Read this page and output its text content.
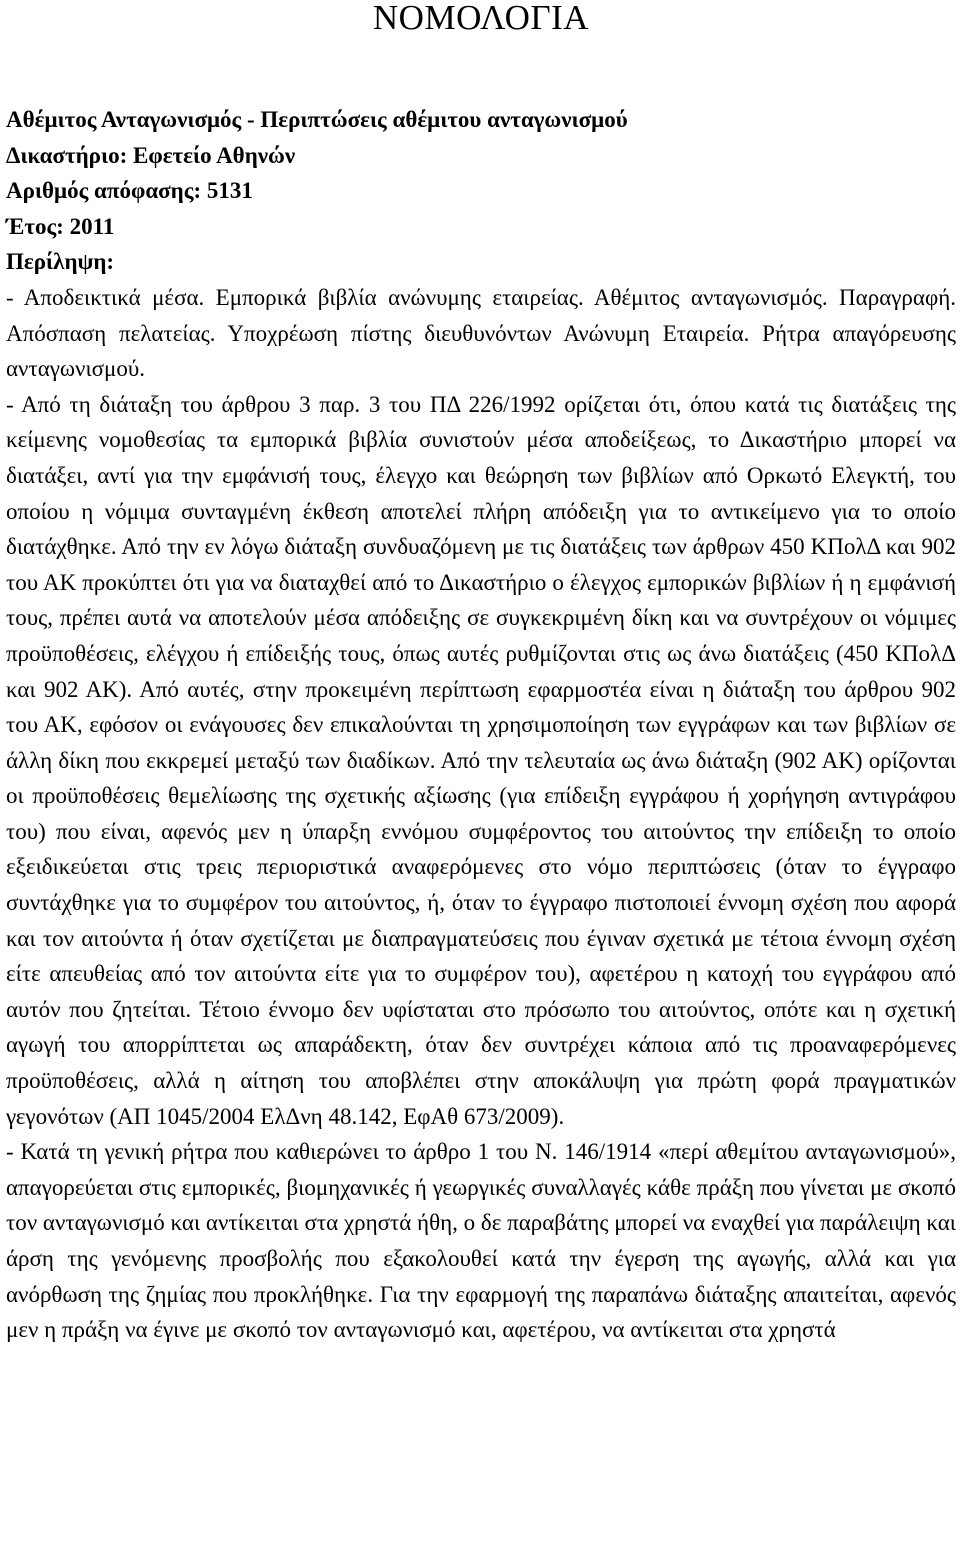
ΝΟΜΟΛΟΓΙΑ
Αθέμιτος Ανταγωνισμός - Περιπτώσεις αθέμιτου ανταγωνισμού
Δικαστήριο: Εφετείο Αθηνών
Αριθμός απόφασης: 5131
Έτος: 2011
Περίληψη:

- Αποδεικτικά μέσα. Εμπορικά βιβλία ανώνυμης εταιρείας. Αθέμιτος ανταγωνισμός. Παραγραφή. Απόσπαση πελατείας. Υποχρέωση πίστης διευθυνόντων Ανώνυμη Εταιρεία. Ρήτρα απαγόρευσης ανταγωνισμού.

- Από τη διάταξη του άρθρου 3 παρ. 3 του ΠΔ 226/1992 ορίζεται ότι, όπου κατά τις διατάξεις της κείμενης νομοθεσίας τα εμπορικά βιβλία συνιστούν μέσα αποδείξεως, το Δικαστήριο μπορεί να διατάξει, αντί για την εμφάνισή τους, έλεγχο και θεώρηση των βιβλίων από Ορκωτό Ελεγκτή, του οποίου η νόμιμα συνταγμένη έκθεση αποτελεί πλήρη απόδειξη για το αντικείμενο για το οποίο διατάχθηκε. Από την εν λόγω διάταξη συνδυαζόμενη με τις διατάξεις των άρθρων 450 ΚΠολΔ και 902 του ΑΚ προκύπτει ότι για να διαταχθεί από το Δικαστήριο ο έλεγχος εμπορικών βιβλίων ή η εμφάνισή τους, πρέπει αυτά να αποτελούν μέσα απόδειξης σε συγκεκριμένη δίκη και να συντρέχουν οι νόμιμες προϋποθέσεις, ελέγχου ή επίδειξής τους, όπως αυτές ρυθμίζονται στις ως άνω διατάξεις (450 ΚΠολΔ και 902 ΑΚ). Από αυτές, στην προκειμένη περίπτωση εφαρμοστέα είναι η διάταξη του άρθρου 902 του ΑΚ, εφόσον οι ενάγουσες δεν επικαλούνται τη χρησιμοποίηση των εγγράφων και των βιβλίων σε άλλη δίκη που εκκρεμεί μεταξύ των διαδίκων. Από την τελευταία ως άνω διάταξη (902 ΑΚ) ορίζονται οι προϋποθέσεις θεμελίωσης της σχετικής αξίωσης (για επίδειξη εγγράφου ή χορήγηση αντιγράφου του) που είναι, αφενός μεν η ύπαρξη εννόμου συμφέροντος του αιτούντος την επίδειξη το οποίο εξειδικεύεται στις τρεις περιοριστικά αναφερόμενες στο νόμο περιπτώσεις (όταν το έγγραφο συντάχθηκε για το συμφέρον του αιτούντος, ή, όταν το έγγραφο πιστοποιεί έννομη σχέση που αφορά και τον αιτούντα ή όταν σχετίζεται με διαπραγματεύσεις που έγιναν σχετικά με τέτοια έννομη σχέση είτε απευθείας από τον αιτούντα είτε για το συμφέρον του), αφετέρου η κατοχή του εγγράφου από αυτόν που ζητείται. Τέτοιο έννομο δεν υφίσταται στο πρόσωπο του αιτούντος, οπότε και η σχετική αγωγή του απορρίπτεται ως απαράδεκτη, όταν δεν συντρέχει κάποια από τις προαναφερόμενες προϋποθέσεις, αλλά η αίτηση του αποβλέπει στην αποκάλυψη για πρώτη φορά πραγματικών γεγονότων (ΑΠ 1045/2004 ΕλΔνη 48.142, ΕφΑθ 673/2009).

- Κατά τη γενική ρήτρα που καθιερώνει το άρθρο 1 του Ν. 146/1914 «περί αθεμίτου ανταγωνισμού», απαγορεύεται στις εμπορικές, βιομηχανικές ή γεωργικές συναλλαγές κάθε πράξη που γίνεται με σκοπό τον ανταγωνισμό και αντίκειται στα χρηστά ήθη, ο δε παραβάτης μπορεί να εναχθεί για παράλειψη και άρση της γενόμενης προσβολής που εξακολουθεί κατά την έγερση της αγωγής, αλλά και για ανόρθωση της ζημίας που προκλήθηκε. Για την εφαρμογή της παραπάνω διάταξης απαιτείται, αφενός μεν η πράξη να έγινε με σκοπό τον ανταγωνισμό και, αφετέρου, να αντίκειται στα χρηστά
